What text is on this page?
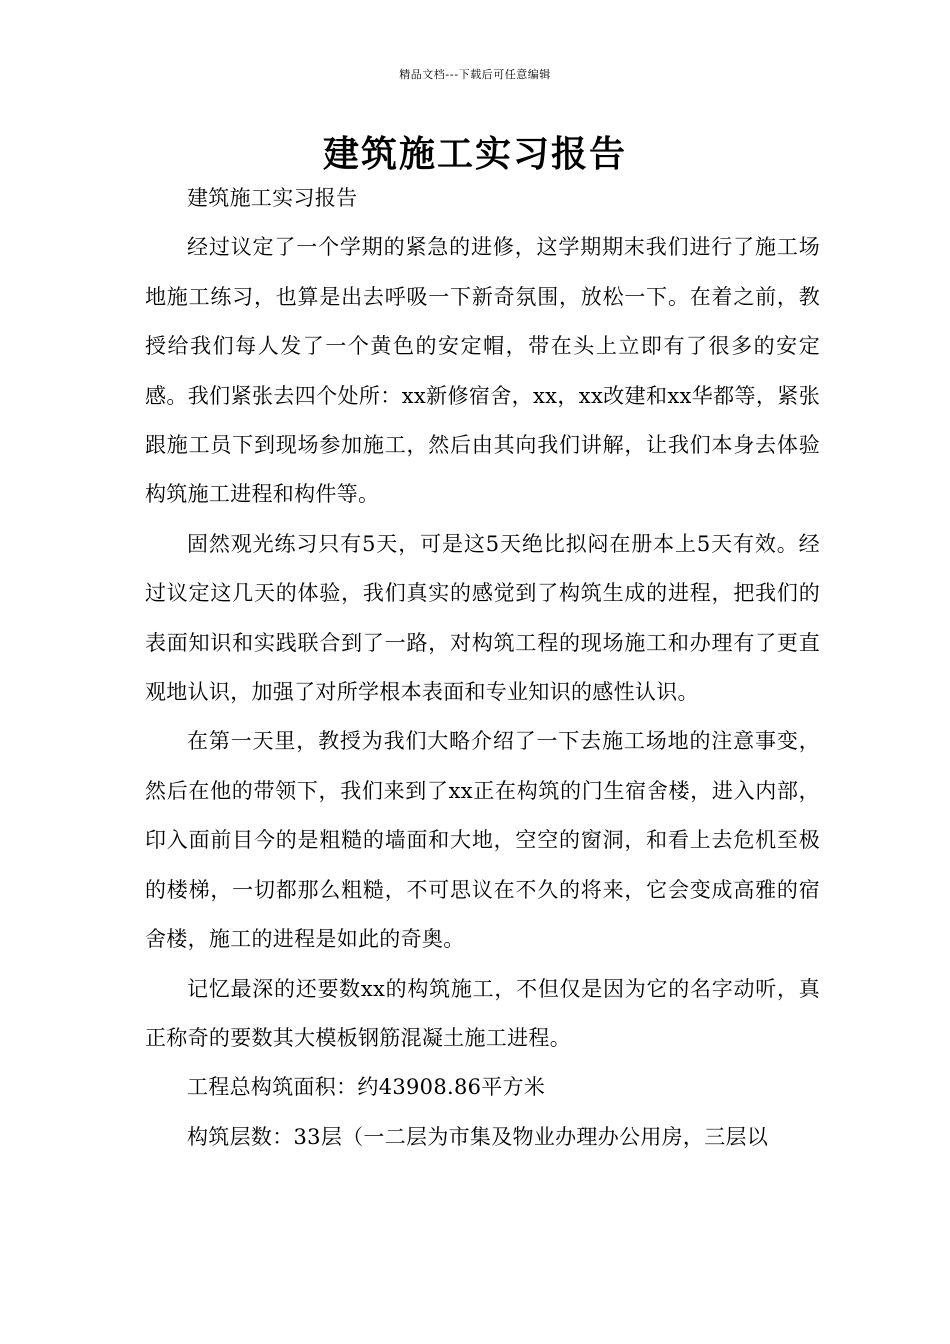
精品文档---下载后可任意编辑
建筑施工实习报告

建筑施工实习报告

经过议定了一个学期的紧急的进修，这学期期末我们进行了施工场地施工练习，也算是出去呼吸一下新奇氛围，放松一下。在着之前，教授给我们每人发了一个黄色的安定帽，带在头上立即有了很多的安定感。我们紧张去四个处所：xx新修宿舍，xx，xx改建和xx华都等，紧张跟施工员下到现场参加施工，然后由其向我们讲解，让我们本身去体验构筑施工进程和构件等。

固然观光练习只有5天，可是这5天绝比拟闷在册本上5天有效。经过议定这几天的体验，我们真实的感觉到了构筑生成的进程，把我们的表面知识和实践联合到了一路，对构筑工程的现场施工和办理有了更直观地认识，加强了对所学根本表面和专业知识的感性认识。

在第一天里，教授为我们大略介绍了一下去施工场地的注意事变，然后在他的带领下，我们来到了xx正在构筑的门生宿舍楼，进入内部，印入面前目今的是粗糙的墙面和大地，空空的窗洞，和看上去危机至极的楼梯，一切都那么粗糙，不可思议在不久的将来，它会变成高雅的宿舍楼，施工的进程是如此的奇奥。

记忆最深的还要数xx的构筑施工，不但仅是因为它的名字动听，真正称奇的要数其大模板钢筋混凝土施工进程。

工程总构筑面积：约43908.86平方米

构筑层数：33层（一二层为市集及物业办理办公用房，三层以
